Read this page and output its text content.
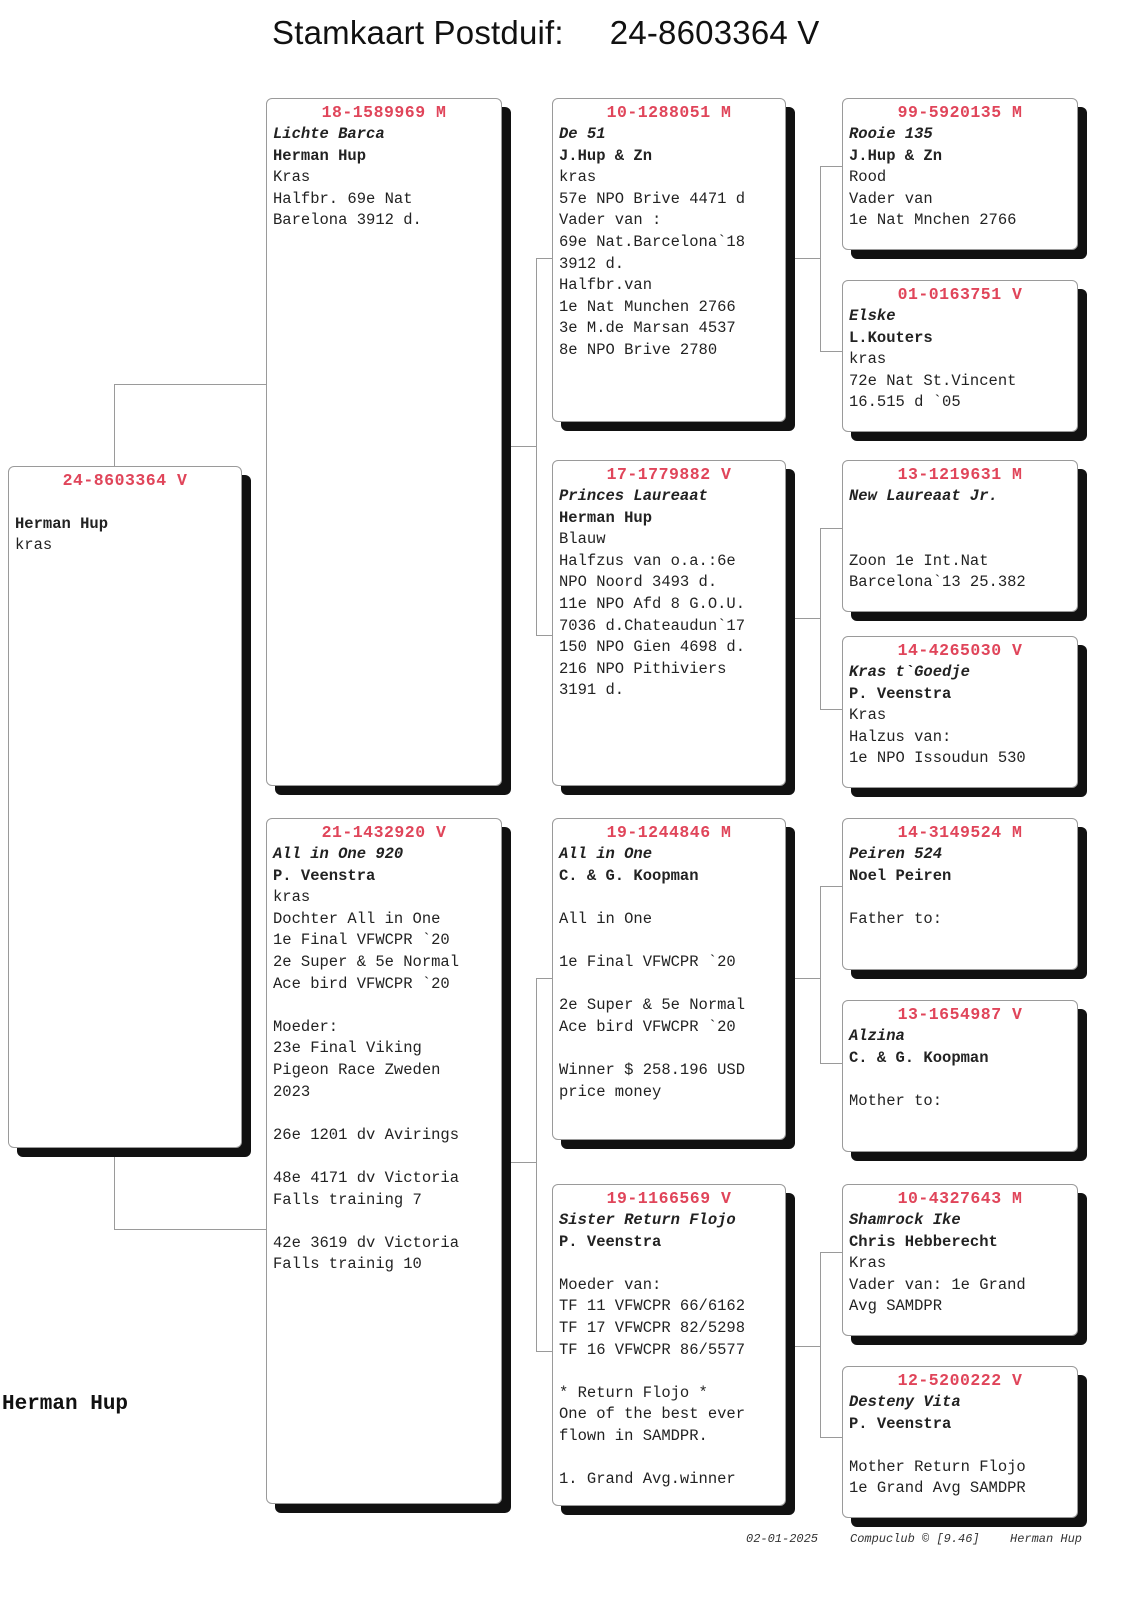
Stamkaart Postduif: 24-8603364 V
24-8603364 V
Herman Hup
kras
18-1589969 M
Lichte Barca
Herman Hup
Kras
Halfbr. 69e Nat
Barelona 3912 d.
21-1432920 V
All in One 920
P. Veenstra
kras
Dochter All in One
1e Final VFWCPR `20
2e Super & 5e Normal
Ace bird VFWCPR `20
Moeder:
23e Final Viking
Pigeon Race Zweden
2023
26e 1201 dv Avirings
48e 4171 dv Victoria
Falls training 7
42e 3619 dv Victoria
Falls trainig 10
10-1288051 M
De 51
J.Hup & Zn
kras
57e NPO Brive 4471 d
Vader van :
69e Nat.Barcelona`18
3912 d.
Halfbr.van
1e Nat Munchen 2766
3e M.de Marsan 4537
8e NPO Brive 2780
17-1779882 V
Princes Laureaat
Herman Hup
Blauw
Halfzus van o.a.:6e
NPO Noord 3493 d.
11e NPO Afd 8 G.O.U.
7036 d.Chateaudun`17
150 NPO Gien 4698 d.
216 NPO Pithiviers
3191 d.
19-1244846 M
All in One
C. & G. Koopman
All in One
1e Final VFWCPR `20
2e Super & 5e Normal
Ace bird VFWCPR `20
Winner $ 258.196 USD
price money
19-1166569 V
Sister Return Flojo
P. Veenstra
Moeder van:
TF 11 VFWCPR 66/6162
TF 17 VFWCPR 82/5298
TF 16 VFWCPR 86/5577
* Return Flojo *
One of the best ever
flown in SAMDPR.
1. Grand Avg.winner
99-5920135 M
Rooie 135
J.Hup & Zn
Rood
Vader van
1e Nat Mnchen 2766
01-0163751 V
Elske
L.Kouters
kras
72e Nat St.Vincent
16.515 d `05
13-1219631 M
New Laureaat Jr.
Zoon 1e Int.Nat
Barcelona`13 25.382
14-4265030 V
Kras t`Goedje
P. Veenstra
Kras
Halzus van:
1e NPO Issoudun 530
14-3149524 M
Peiren 524
Noel Peiren
Father to:
13-1654987 V
Alzina
C. & G. Koopman
Mother to:
10-4327643 M
Shamrock Ike
Chris Hebberecht
Kras
Vader van: 1e Grand
Avg SAMDPR
12-5200222 V
Desteny Vita
P. Veenstra
Mother Return Flojo
1e Grand Avg SAMDPR
Herman Hup
02-01-2025	Compuclub © [9.46]	Herman Hup
